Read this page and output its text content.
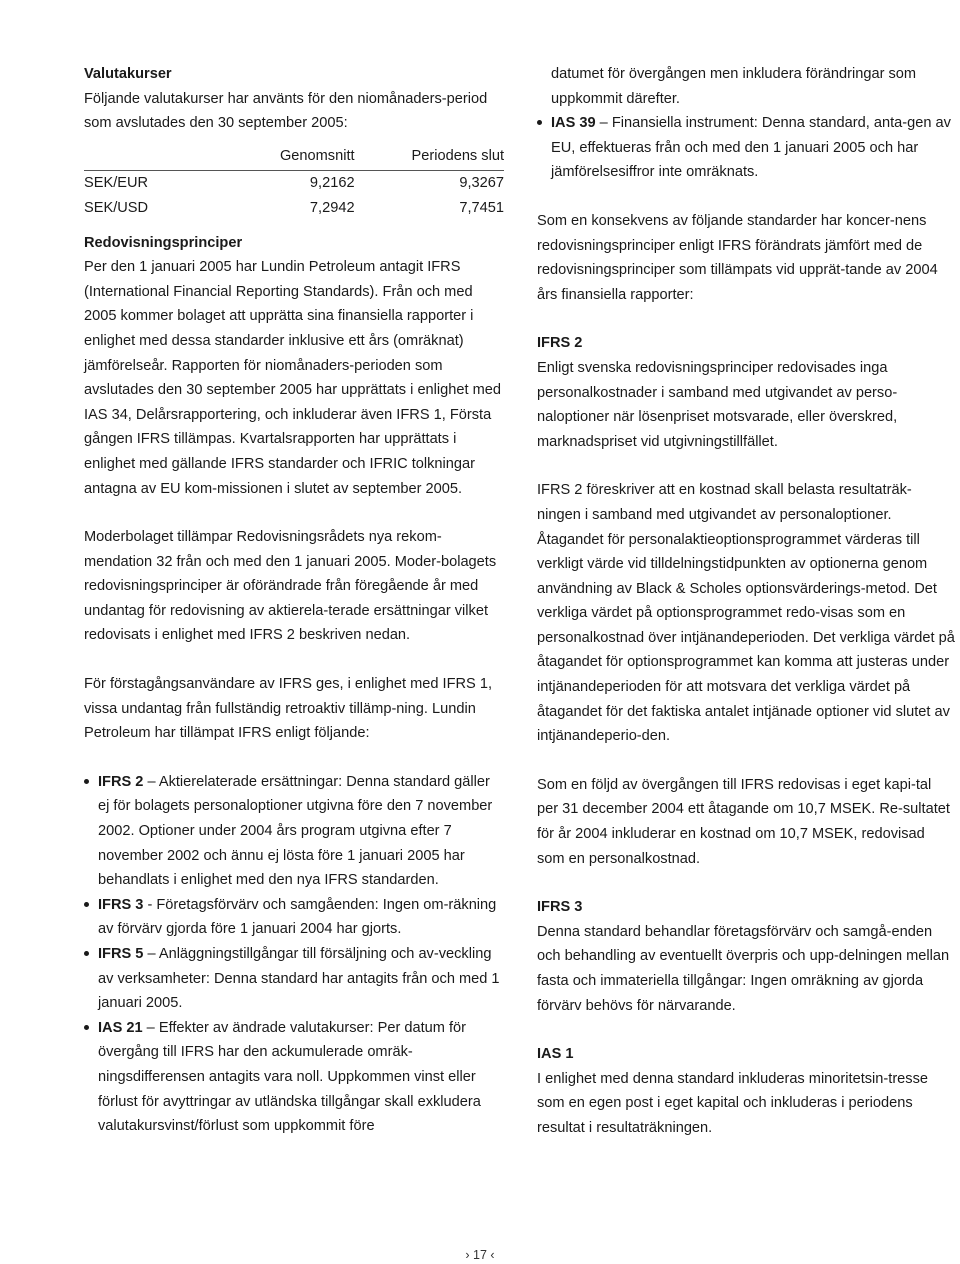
Valutakurser

Följande valutakurser har använts för den niomånaders-period som avslutades den 30 september 2005:

	Genomsnitt	Periodens slut
SEK/EUR	9,2162	9,3267
SEK/USD	7,2942	7,7451

Redovisningsprinciper

Per den 1 januari 2005 har Lundin Petroleum antagit IFRS (International Financial Reporting Standards). Från och med 2005 kommer bolaget att upprätta sina finansiella rapporter i enlighet med dessa standarder inklusive ett års (omräknat) jämförelseår. Rapporten för niomånaders-perioden som avslutades den 30 september 2005 har upprättats i enlighet med IAS 34, Delårsrapportering, och inkluderar även IFRS 1, Första gången IFRS tillämpas. Kvartalsrapporten har upprättats i enlighet med gällande IFRS standarder och IFRIC tolkningar antagna av EU kom-missionen i slutet av september 2005.

Moderbolaget tillämpar Redovisningsrådets nya rekom-mendation 32 från och med den 1 januari 2005. Moder-bolagets redovisningsprinciper är oförändrade från föregående år med undantag för redovisning av aktierela-terade ersättningar vilket redovisats i enlighet med IFRS 2 beskriven nedan.

För förstagångsanvändare av IFRS ges, i enlighet med IFRS 1, vissa undantag från fullständig retroaktiv tillämp-ning. Lundin Petroleum har tillämpat IFRS enligt följande:

IFRS 2 – Aktierelaterade ersättningar: Denna standard gäller ej för bolagets personaloptioner utgivna före den 7 november 2002. Optioner under 2004 års program utgivna efter 7 november 2002 och ännu ej lösta före 1 januari 2005 har behandlats i enlighet med den nya IFRS standarden.
IFRS 3 - Företagsförvärv och samgåenden: Ingen om-räkning av förvärv gjorda före 1 januari 2004 har gjorts.
IFRS 5 – Anläggningstillgångar till försäljning och av-veckling av verksamheter: Denna standard har antagits från och med 1 januari 2005.
IAS 21 – Effekter av ändrade valutakurser: Per datum för övergång till IFRS har den ackumulerade omräk-ningsdifferensen antagits vara noll. Uppkommen vinst eller förlust för avyttringar av utländska tillgångar skall exkludera valutakursvinst/förlust som uppkommit före

datumet för övergången men inkludera förändringar som uppkommit därefter.

IAS 39 – Finansiella instrument: Denna standard, anta-gen av EU, effektueras från och med den 1 januari 2005 och har jämförelsesiffror inte omräknats.

Som en konsekvens av följande standarder har koncer-nens redovisningsprinciper enligt IFRS förändrats jämfört med de redovisningsprinciper som tillämpats vid upprät-tande av 2004 års finansiella rapporter:

IFRS 2

Enligt svenska redovisningsprinciper redovisades inga personalkostnader i samband med utgivandet av perso-naloptioner när lösenpriset motsvarade, eller överskred, marknadspriset vid utgivningstillfället.

IFRS 2 föreskriver att en kostnad skall belasta resultaträk-ningen i samband med utgivandet av personaloptioner. Åtagandet för personalaktieoptionsprogrammet värderas till verkligt värde vid tilldelningstidpunkten av optionerna genom användning av Black & Scholes optionsvärderings-metod. Det verkliga värdet på optionsprogrammet redo-visas som en personalkostnad över intjänandeperioden. Det verkliga värdet på åtagandet för optionsprogrammet kan komma att justeras under intjänandeperioden för att motsvara det verkliga värdet på åtagandet för det faktiska antalet intjänade optioner vid slutet av intjänandeperio-den.

Som en följd av övergången till IFRS redovisas i eget kapi-tal per 31 december 2004 ett åtagande om 10,7 MSEK. Re-sultatet för år 2004 inkluderar en kostnad om 10,7 MSEK, redovisad som en personalkostnad.

IFRS 3

Denna standard behandlar företagsförvärv och samgå-enden och behandling av eventuellt överpris och upp-delningen mellan fasta och immateriella tillgångar: Ingen omräkning av gjorda förvärv behövs för närvarande.

IAS 1

I enlighet med denna standard inkluderas minoritetsin-tresse som en egen post i eget kapital och inkluderas i periodens resultat i resultaträkningen.

› 17 ‹
